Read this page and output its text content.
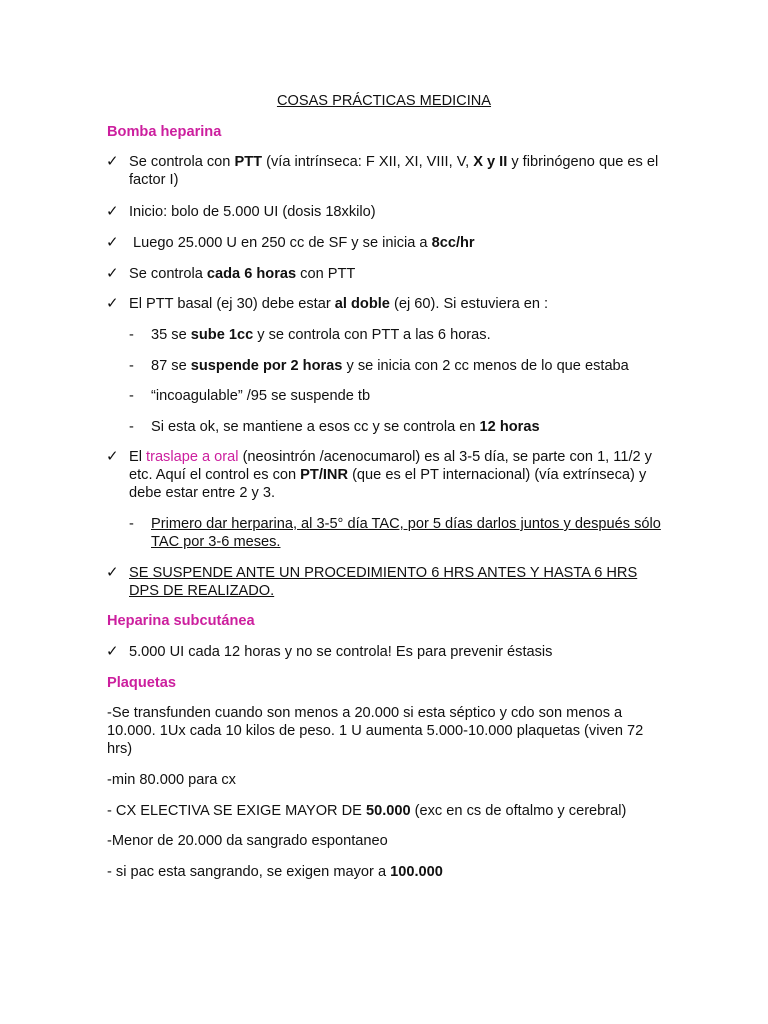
COSAS PRÁCTICAS MEDICINA
Bomba heparina
✓ Se controla con PTT (vía intrínseca: F XII, XI, VIII, V, X y II y fibrinógeno que es el factor I)
✓ Inicio: bolo de 5.000 UI (dosis 18xkilo)
✓ Luego 25.000 U en 250 cc de SF y se inicia a 8cc/hr
✓ Se controla cada 6 horas con PTT
✓ El PTT basal (ej 30) debe estar al doble (ej 60). Si estuviera en :
- 35 se sube 1cc y se controla con PTT a las 6 horas.
- 87 se suspende por 2 horas y se inicia con 2 cc menos de lo que estaba
- “incoagulable” /95 se suspende tb
- Si esta ok, se mantiene a esos cc y se controla en 12 horas
✓ El traslape a oral (neosintrón /acenocumarol) es al 3-5 día, se parte con 1, 11/2 y etc. Aquí el control es con PT/INR (que es el PT internacional) (vía extrínseca) y debe estar entre 2 y 3.
- Primero dar herparina, al 3-5° día TAC, por 5 días darlos juntos y después sólo TAC por 3-6 meses.
✓ SE SUSPENDE ANTE UN PROCEDIMIENTO 6 HRS ANTES Y HASTA 6 HRS DPS DE REALIZADO.
Heparina subcutánea
✓ 5.000 UI cada 12 horas y no se controla! Es para prevenir éstasis
Plaquetas
-Se transfunden cuando son menos a 20.000 si esta séptico y cdo son menos a 10.000. 1Ux cada 10 kilos de peso. 1 U aumenta 5.000-10.000 plaquetas (viven 72 hrs)
-min 80.000 para cx
- CX ELECTIVA SE EXIGE MAYOR DE 50.000 (exc en cs de oftalmo y cerebral)
-Menor de 20.000 da sangrado espontaneo
- si pac esta sangrando, se exigen mayor a 100.000
